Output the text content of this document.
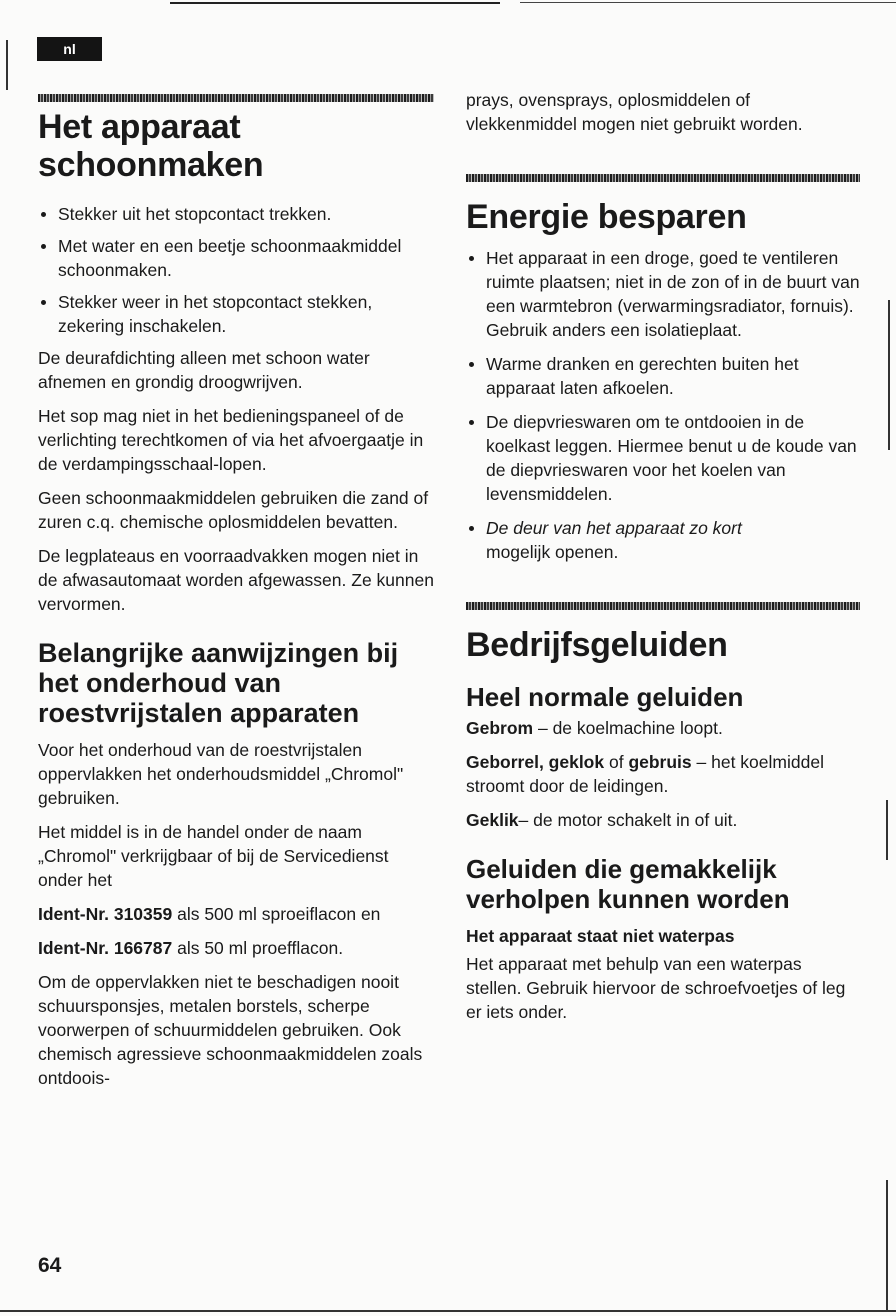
nl
Het apparaat
schoonmaken
Stekker uit het stopcontact trekken.
Met water en een beetje schoonmaakmiddel schoonmaken.
Stekker weer in het stopcontact stekken, zekering inschakelen.

De deurafdichting alleen met schoon water afnemen en grondig droogwrijven.

Het sop mag niet in het bedieningspaneel of de verlichting terechtkomen of via het afvoergaatje in de verdampingsschaal-lopen.

Geen schoonmaakmiddelen gebruiken die zand of zuren c.q. chemische oplosmiddelen bevatten.

De legplateaus en voorraadvakken mogen niet in de afwasautomaat worden afgewassen. Ze kunnen vervormen.

Belangrijke aanwijzingen bij het onderhoud van roestvrijstalen apparaten

Voor het onderhoud van de roestvrijstalen oppervlakken het onderhoudsmiddel „Chromol" gebruiken.

Het middel is in de handel onder de naam „Chromol" verkrijgbaar of bij de Servicedienst onder het

Ident-Nr. 310359 als 500 ml sproeiflacon en

Ident-Nr. 166787 als 50 ml proefflacon.

Om de oppervlakken niet te beschadigen nooit schuursponsjes, metalen borstels, scherpe voorwerpen of schuurmiddelen gebruiken. Ook chemisch agressieve schoonmaakmiddelen zoals ontdoois-

prays, ovensprays, oplosmiddelen of vlekkenmiddel mogen niet gebruikt worden.

Energie besparen
Het apparaat in een droge, goed te ventileren ruimte plaatsen; niet in de zon of in de buurt van een warmtebron (verwarmingsradiator, fornuis). Gebruik anders een isolatieplaat.
Warme dranken en gerechten buiten het apparaat laten afkoelen.
De diepvrieswaren om te ontdooien in de koelkast leggen. Hiermee benut u de koude van de diepvrieswaren voor het koelen van levensmiddelen.
De deur van het apparaat zo kort
mogelijk openen.
Bedrijfsgeluiden
Heel normale geluiden

Gebrom – de koelmachine loopt.

Geborrel, geklok of gebruis – het koelmiddel stroomt door de leidingen.

Geklik– de motor schakelt in of uit.

Geluiden die gemakkelijk verholpen kunnen worden

Het apparaat staat niet waterpas

Het apparaat met behulp van een waterpas stellen. Gebruik hiervoor de schroefvoetjes of leg er iets onder.

64
